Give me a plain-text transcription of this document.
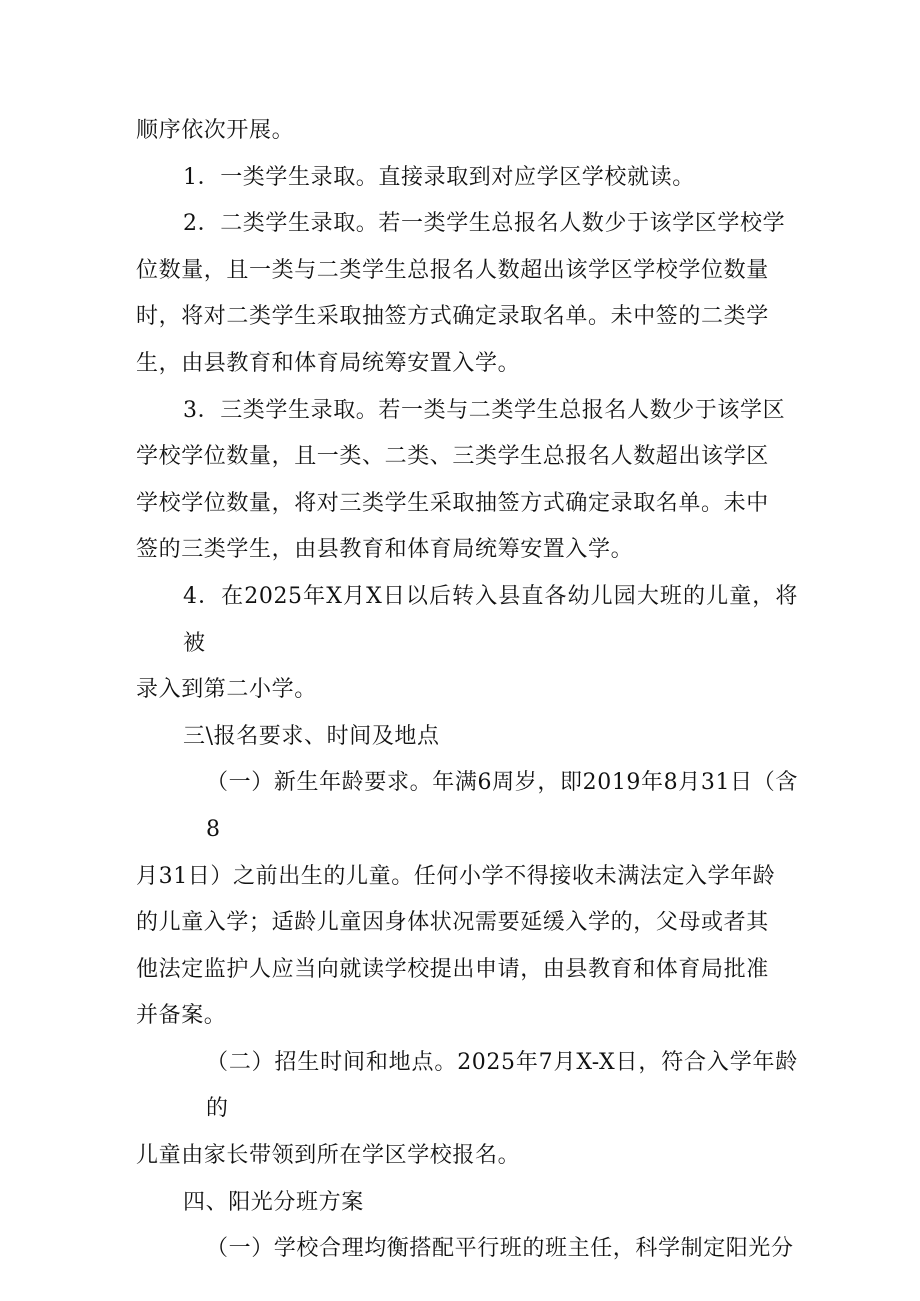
顺序依次开展。

1．一类学生录取。直接录取到对应学区学校就读。

2．二类学生录取。若一类学生总报名人数少于该学区学校学
位数量，且一类与二类学生总报名人数超出该学区学校学位数量
时，将对二类学生采取抽签方式确定录取名单。未中签的二类学
生，由县教育和体育局统筹安置入学。

3．三类学生录取。若一类与二类学生总报名人数少于该学区
学校学位数量，且一类、二类、三类学生总报名人数超出该学区
学校学位数量，将对三类学生采取抽签方式确定录取名单。未中
签的三类学生，由县教育和体育局统筹安置入学。

4．在2025年X月X日以后转入县直各幼儿园大班的儿童，将被
录入到第二小学。

三\报名要求、时间及地点

（一）新生年龄要求。年满6周岁，即2019年8月31日（含8
月31日）之前出生的儿童。任何小学不得接收未满法定入学年龄
的儿童入学；适龄儿童因身体状况需要延缓入学的，父母或者其
他法定监护人应当向就读学校提出申请，由县教育和体育局批准
并备案。

（二）招生时间和地点。2025年7月X-X日，符合入学年龄的
儿童由家长带领到所在学区学校报名。

四、阳光分班方案

（一）学校合理均衡搭配平行班的班主任，科学制定阳光分
